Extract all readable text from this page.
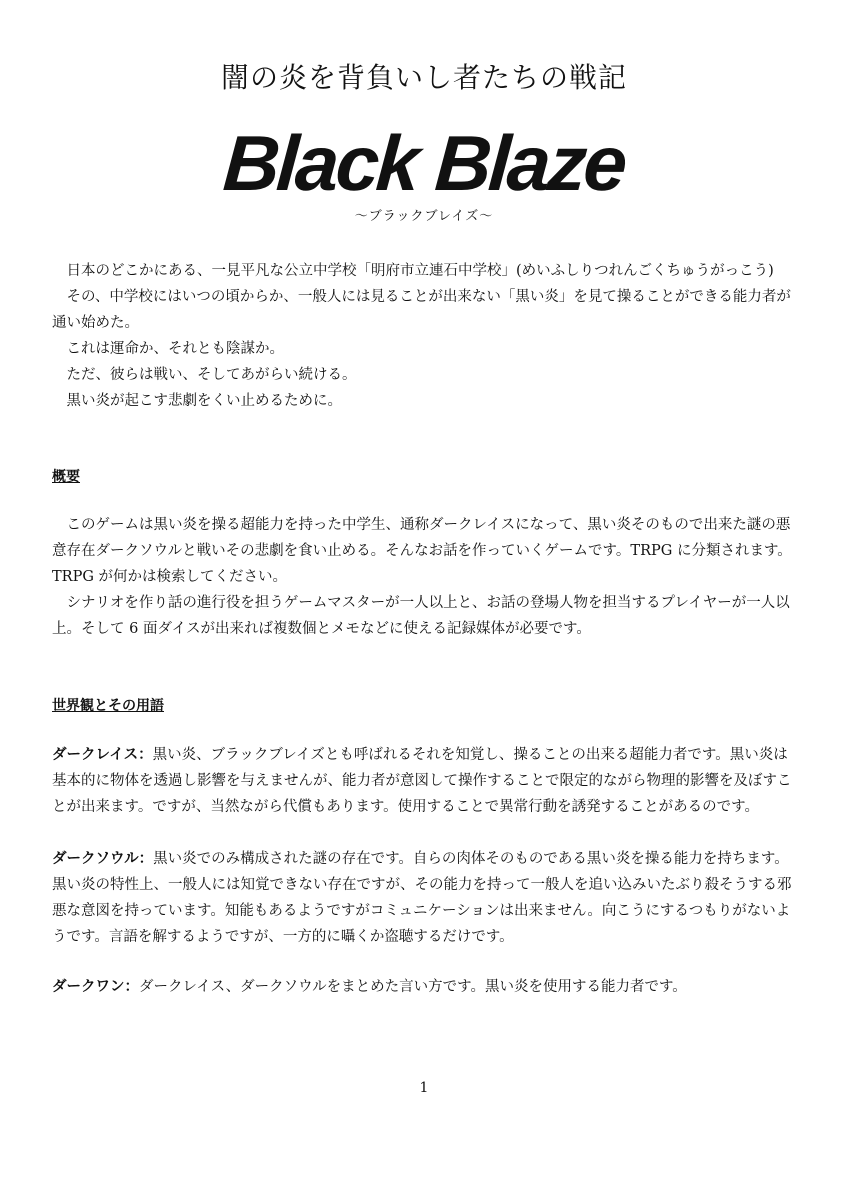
闇の炎を背負いし者たちの戦記
Black Blaze
〜ブラックブレイズ〜

日本のどこかにある、一見平凡な公立中学校「明府市立連石中学校」(めいふしりつれんごくちゅうがっこう)

その、中学校にはいつの頃からか、一般人には見ることが出来ない「黒い炎」を見て操ることができる能力者が通い始めた。

これは運命か、それとも陰謀か。

ただ、彼らは戦い、そしてあがらい続ける。

黒い炎が起こす悲劇をくい止めるために。

概要

このゲームは黒い炎を操る超能力を持った中学生、通称ダークレイスになって、黒い炎そのもので出来た謎の悪意存在ダークソウルと戦いその悲劇を食い止める。そんなお話を作っていくゲームです。TRPG に分類されます。TRPG が何かは検索してください。

シナリオを作り話の進行役を担うゲームマスターが一人以上と、お話の登場人物を担当するプレイヤーが一人以上。そして 6 面ダイスが出来れば複数個とメモなどに使える記録媒体が必要です。

世界観とその用語

ダークレイス：黒い炎、ブラックブレイズとも呼ばれるそれを知覚し、操ることの出来る超能力者です。黒い炎は基本的に物体を透過し影響を与えませんが、能力者が意図して操作することで限定的ながら物理的影響を及ぼすことが出来ます。ですが、当然ながら代償もあります。使用することで異常行動を誘発することがあるのです。

ダークソウル：黒い炎でのみ構成された謎の存在です。自らの肉体そのものである黒い炎を操る能力を持ちます。黒い炎の特性上、一般人には知覚できない存在ですが、その能力を持って一般人を追い込みいたぶり殺そうする邪悪な意図を持っています。知能もあるようですがコミュニケーションは出来ません。向こうにするつもりがないようです。言語を解するようですが、一方的に囁くか盗聴するだけです。

ダークワン：ダークレイス、ダークソウルをまとめた言い方です。黒い炎を使用する能力者です。

1
